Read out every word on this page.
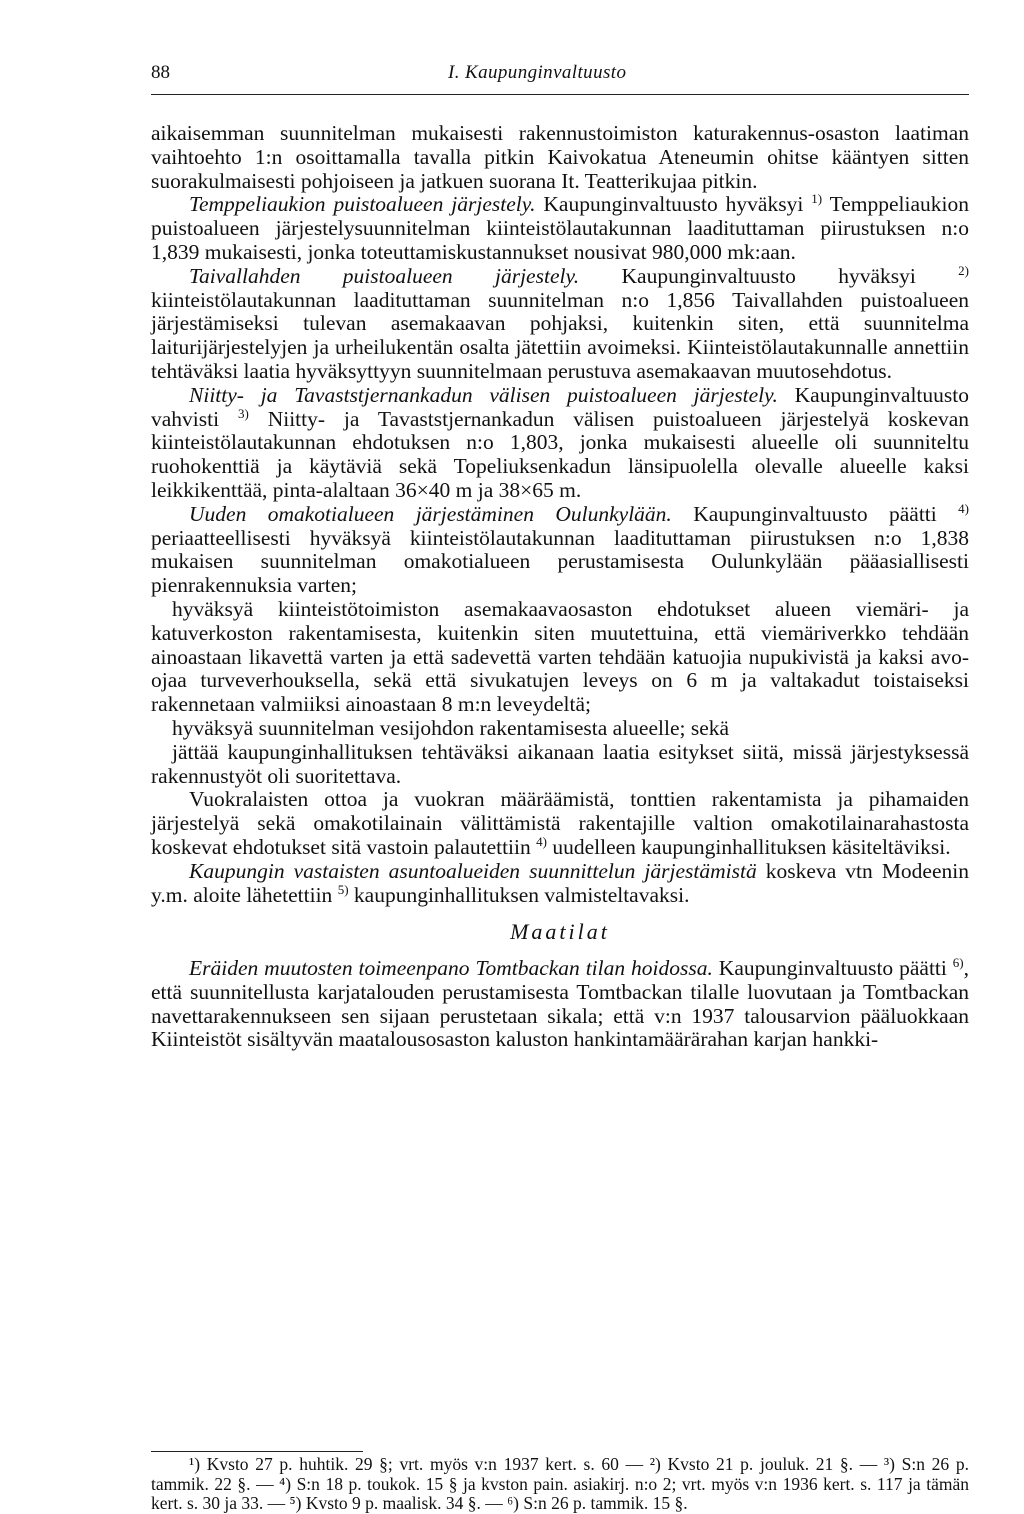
88	I. Kaupunginvaltuusto

aikaisemman suunnitelman mukaisesti rakennustoimiston katurakennus-osaston laatiman vaihtoehto 1:n osoittamalla tavalla pitkin Kaivokatua Ateneumin ohitse kääntyen sitten suorakulmaisesti pohjoiseen ja jatkuen suorana It. Teatterikujaa pitkin.

Temppeliaukion puistoalueen järjestely. Kaupunginvaltuusto hyväksyi $^{1)}$ Temppeliaukion puistoalueen järjestelysuunnitelman kiinteistölautakunnan laadituttaman piirustuksen n:o 1,839 mukaisesti, jonka toteuttamiskustannukset nousivat 980,000 mk:aan.

Taivallahden puistoalueen järjestely. Kaupunginvaltuusto hyväksyi $^{2)}$ kiinteistölautakunnan laadituttaman suunnitelman n:o 1,856 Taivallahden puistoalueen järjestämiseksi tulevan asemakaavan pohjaksi, kuitenkin siten, että suunnitelma laiturijärjestelyjen ja urheilukentän osalta jätettiin avoimeksi. Kiinteistölautakunnalle annettiin tehtäväksi laatia hyväksyttyyn suunnitelmaan perustuva asemakaavan muutosehdotus.

Niitty- ja Tavaststjernankadun välisen puistoalueen järjestely. Kaupunginvaltuusto vahvisti $^{3)}$ Niitty- ja Tavaststjernankadun välisen puistoalueen järjestelyä koskevan kiinteistölautakunnan ehdotuksen n:o 1,803, jonka mukaisesti alueelle oli suunniteltu ruohokenttiä ja käytäviä sekä Topeliuksenkadun länsipuolella olevalle alueelle kaksi leikkikenttää, pinta-alaltaan 36×40 m ja 38×65 m.

Uuden omakotialueen järjestäminen Oulunkylään. Kaupunginvaltuusto päätti $^{4)}$ periaatteellisesti hyväksyä kiinteistölautakunnan laadituttaman piirustuksen n:o 1,838 mukaisen suunnitelman omakotialueen perustamisesta Oulunkylään pääasiallisesti pienrakennuksia varten;

hyväksyä kiinteistötoimiston asemakaavaosaston ehdotukset alueen viemäri- ja katuverkoston rakentamisesta, kuitenkin siten muutettuina, että viemäriverkko tehdään ainoastaan likavettä varten ja että sadevettä varten tehdään katuojia nupukivistä ja kaksi avo-ojaa turveverhouksella, sekä että sivukatujen leveys on 6 m ja valtakadut toistaiseksi rakennetaan valmiiksi ainoastaan 8 m:n leveydeltä;

hyväksyä suunnitelman vesijohdon rakentamisesta alueelle; sekä

jättää kaupunginhallituksen tehtäväksi aikanaan laatia esitykset siitä, missä järjestyksessä rakennustyöt oli suoritettava.

Vuokralaisten ottoa ja vuokran määräämistä, tonttien rakentamista ja pihamaiden järjestelyä sekä omakotilainain välittämistä rakentajille valtion omakotilainarahastosta koskevat ehdotukset sitä vastoin palautettiin $^{4)}$ uudelleen kaupunginhallituksen käsiteltäviksi.

Kaupungin vastaisten asuntoalueiden suunnittelun järjestämistä koskeva vtn Modeenin y.m. aloite lähetettiin $^{5)}$ kaupunginhallituksen valmisteltavaksi.

Maatilat

Eräiden muutosten toimeenpano Tomtbackan tilan hoidossa. Kaupunginvaltuusto päätti $^{6)}$, että suunnitellusta karjatalouden perustamisesta Tomtbackan tilalle luovutaan ja Tomtbackan navettarakennukseen sen sijaan perustetaan sikala; että v:n 1937 talousarvion pääluokkaan Kiinteistöt sisältyvän maatalousosaston kaluston hankintamäärärahan karjan hankki-

¹) Kvsto 27 p. huhtik. 29 §; vrt. myös v:n 1937 kert. s. 60 — ²) Kvsto 21 p. jouluk. 21 §. — ³) S:n 26 p. tammik. 22 §. — ⁴) S:n 18 p. toukok. 15 § ja kvston pain. asiakirj. n:o 2; vrt. myös v:n 1936 kert. s. 117 ja tämän kert. s. 30 ja 33. — ⁵) Kvsto 9 p. maalisk. 34 §. — ⁶) S:n 26 p. tammik. 15 §.
